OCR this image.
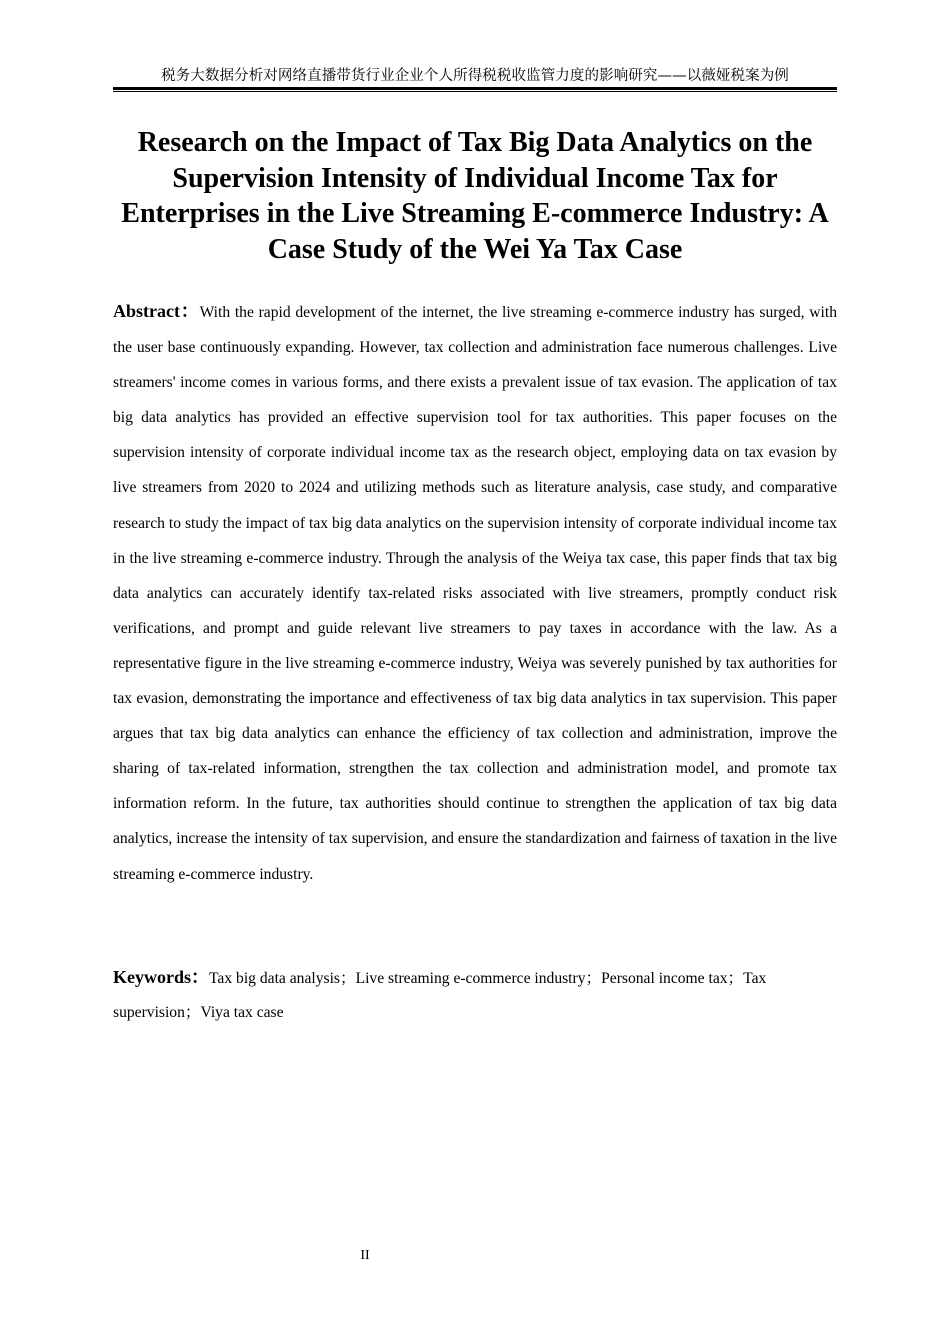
税务大数据分析对网络直播带货行业企业个人所得税税收监管力度的影响研究——以薇娅税案为例
Research on the Impact of Tax Big Data Analytics on the Supervision Intensity of Individual Income Tax for Enterprises in the Live Streaming E-commerce Industry: A Case Study of the Wei Ya Tax Case

Abstract：With the rapid development of the internet, the live streaming e-commerce industry has surged, with the user base continuously expanding. However, tax collection and administration face numerous challenges. Live streamers' income comes in various forms, and there exists a prevalent issue of tax evasion. The application of tax big data analytics has provided an effective supervision tool for tax authorities. This paper focuses on the supervision intensity of corporate individual income tax as the research object, employing data on tax evasion by live streamers from 2020 to 2024 and utilizing methods such as literature analysis, case study, and comparative research to study the impact of tax big data analytics on the supervision intensity of corporate individual income tax in the live streaming e-commerce industry. Through the analysis of the Weiya tax case, this paper finds that tax big data analytics can accurately identify tax-related risks associated with live streamers, promptly conduct risk verifications, and prompt and guide relevant live streamers to pay taxes in accordance with the law. As a representative figure in the live streaming e-commerce industry, Weiya was severely punished by tax authorities for tax evasion, demonstrating the importance and effectiveness of tax big data analytics in tax supervision. This paper argues that tax big data analytics can enhance the efficiency of tax collection and administration, improve the sharing of tax-related information, strengthen the tax collection and administration model, and promote tax information reform. In the future, tax authorities should continue to strengthen the application of tax big data analytics, increase the intensity of tax supervision, and ensure the standardization and fairness of taxation in the live streaming e-commerce industry.

Keywords：Tax big data analysis；Live streaming e-commerce industry；Personal income tax；Tax supervision；Viya tax case

II
